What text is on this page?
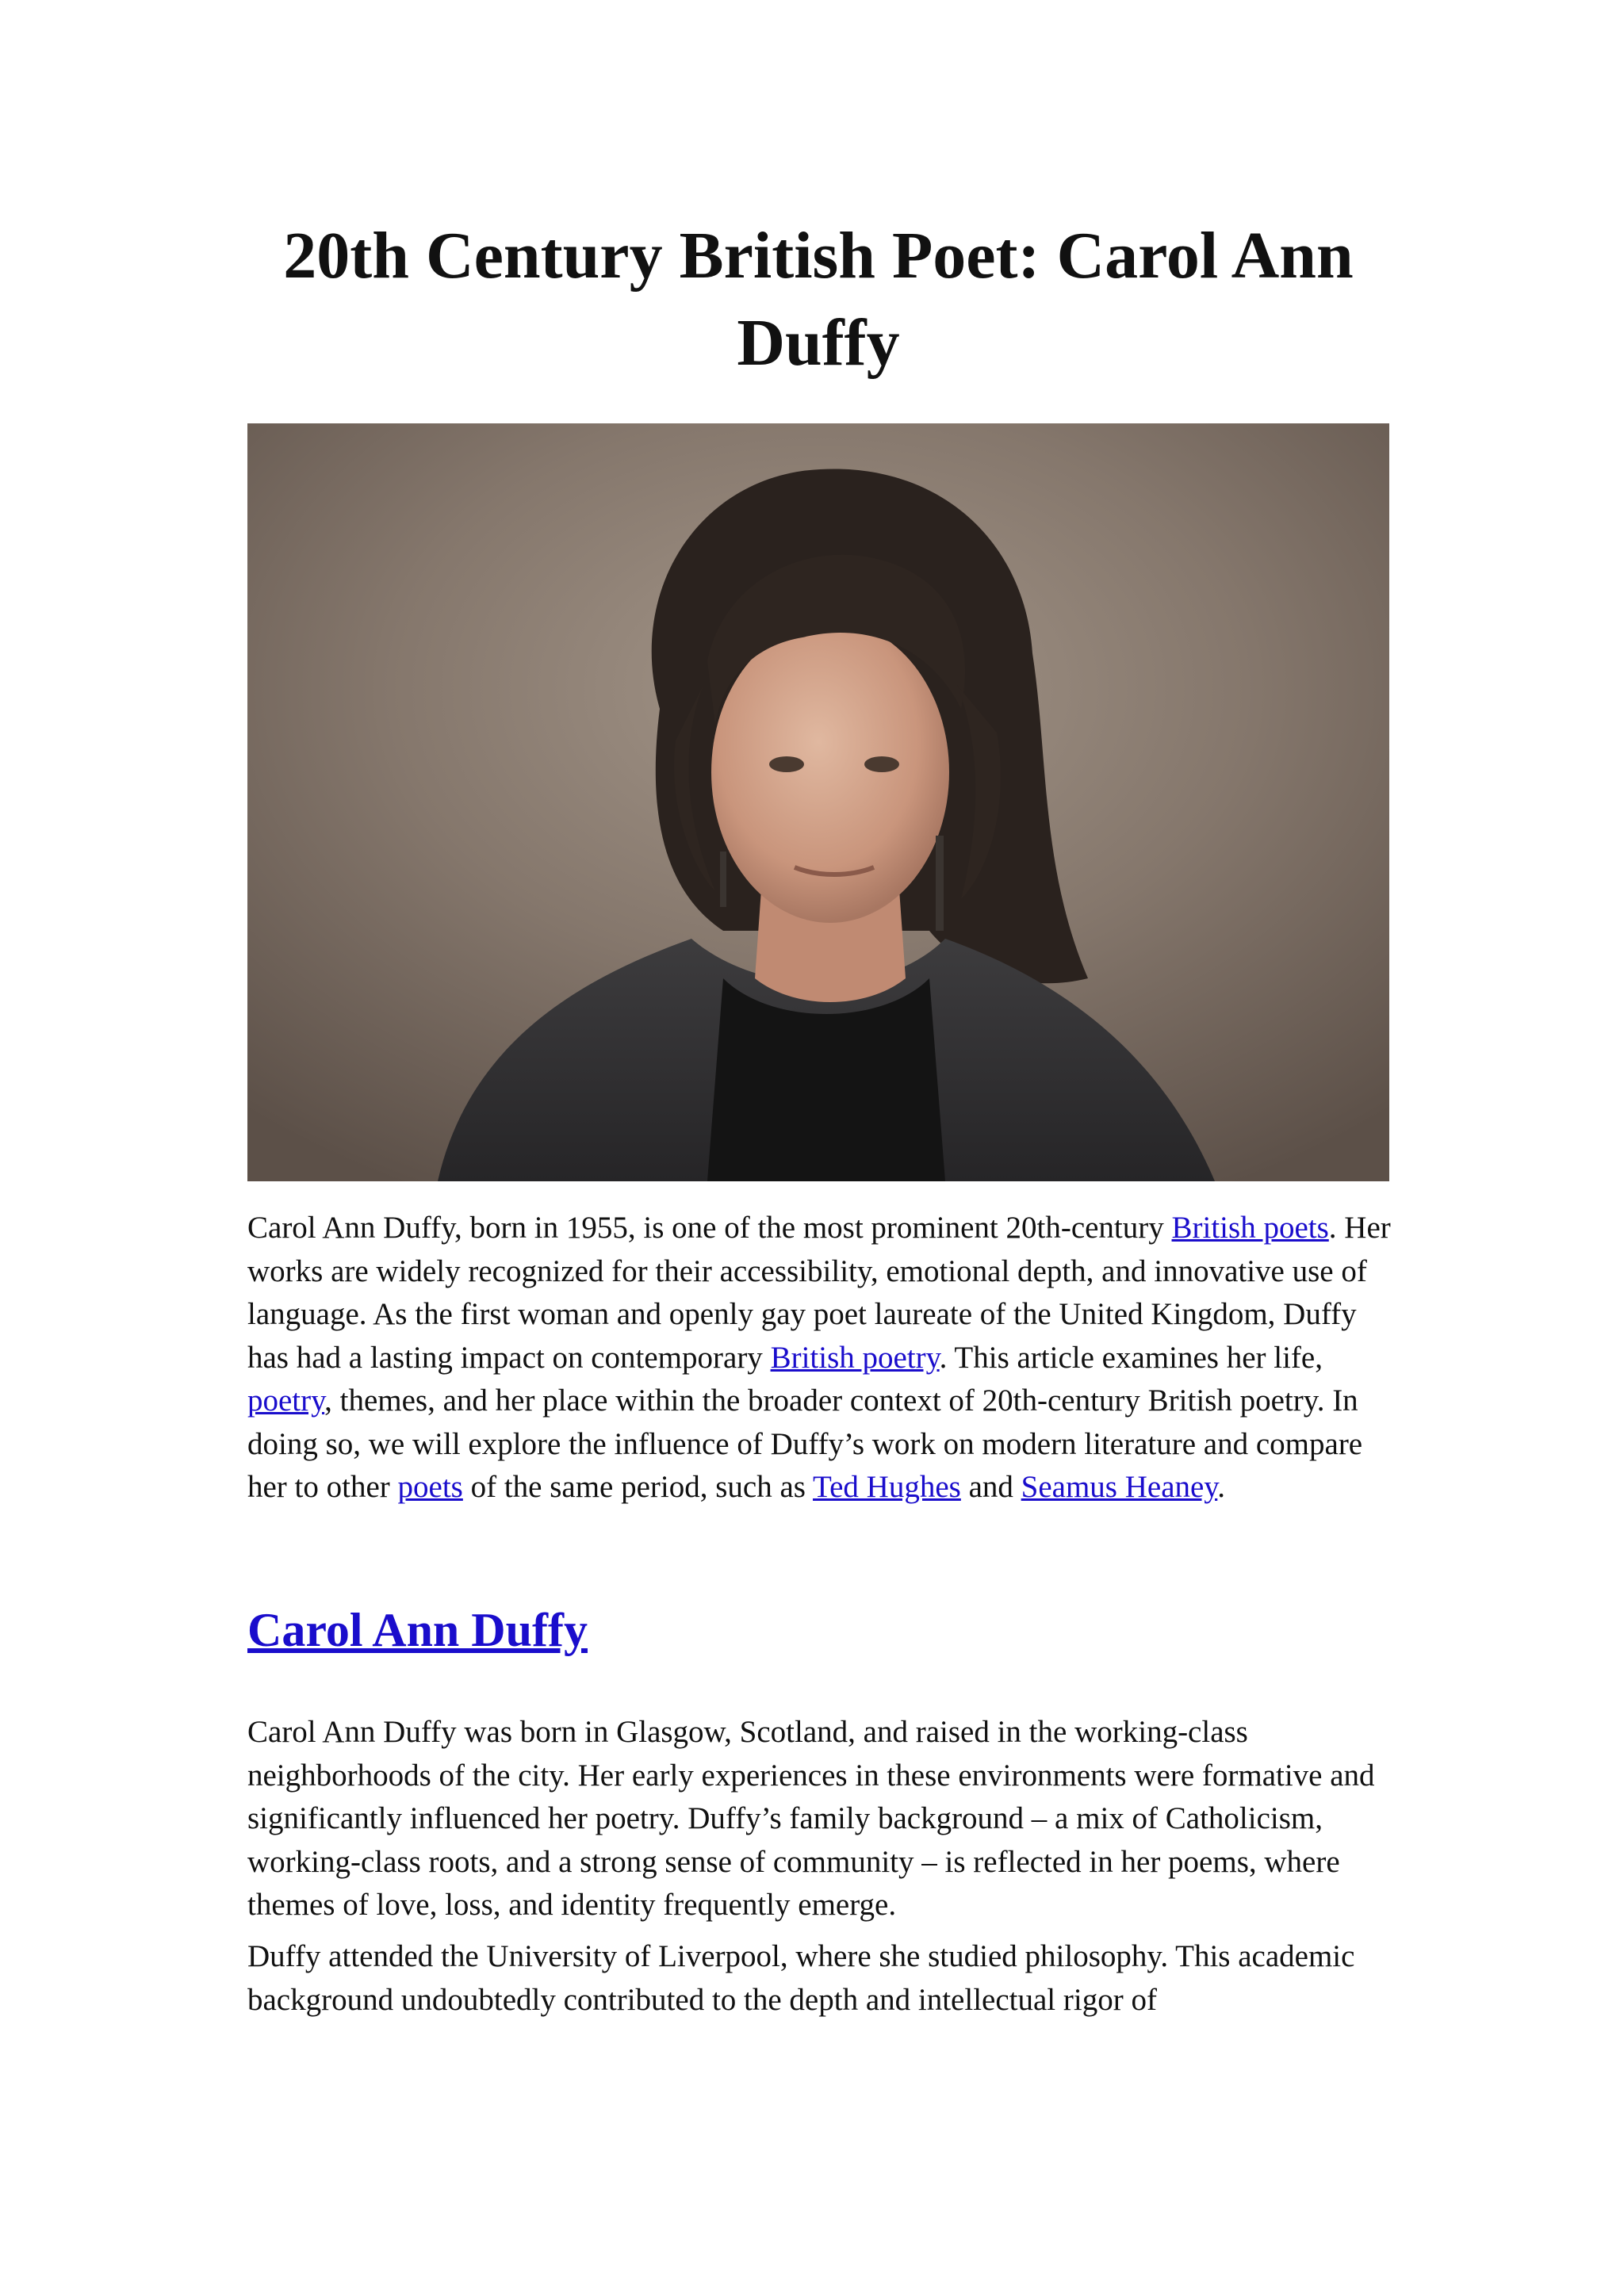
20th Century British Poet: Carol Ann Duffy

Carol Ann Duffy, born in 1955, is one of the most prominent 20th-century British poets. Her works are widely recognized for their accessibility, emotional depth, and innovative use of language. As the first woman and openly gay poet laureate of the United Kingdom, Duffy has had a lasting impact on contemporary British poetry. This article examines her life, poetry, themes, and her place within the broader context of 20th-century British poetry. In doing so, we will explore the influence of Duffy’s work on modern literature and compare her to other poets of the same period, such as Ted Hughes and Seamus Heaney.

Carol Ann Duffy

Carol Ann Duffy was born in Glasgow, Scotland, and raised in the working-class neighborhoods of the city. Her early experiences in these environments were formative and significantly influenced her poetry. Duffy’s family background – a mix of Catholicism, working-class roots, and a strong sense of community – is reflected in her poems, where themes of love, loss, and identity frequently emerge.

Duffy attended the University of Liverpool, where she studied philosophy. This academic background undoubtedly contributed to the depth and intellectual rigor of
